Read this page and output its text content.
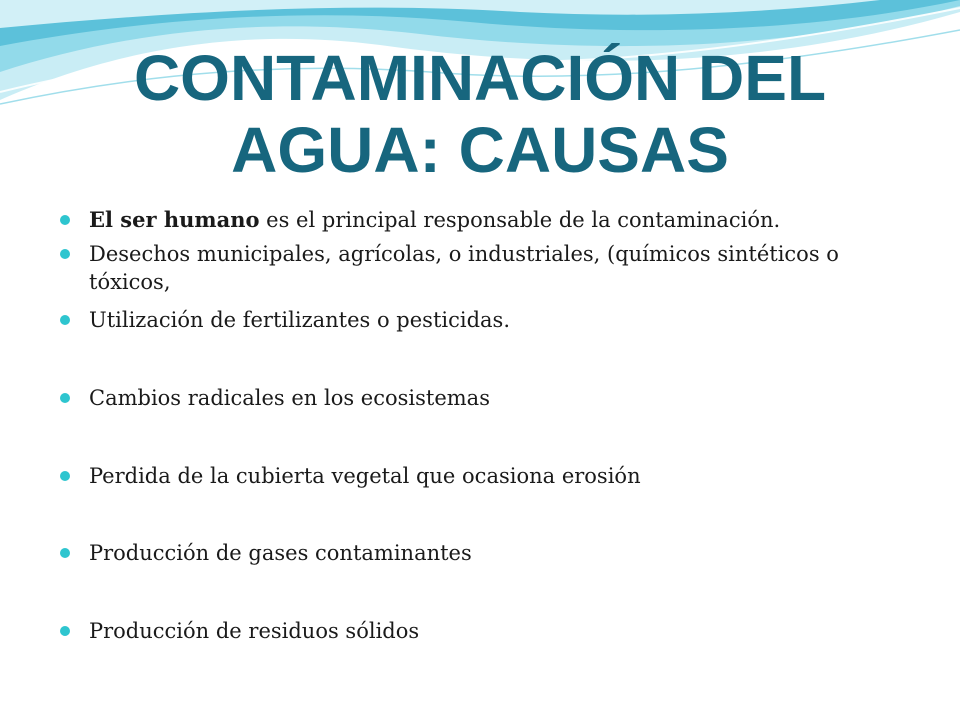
CONTAMINACIÓN DEL
AGUA: CAUSAS
El ser humano es el principal responsable de la contaminación.
Desechos municipales, agrícolas, o industriales, (químicos sintéticos o tóxicos,
Utilización de fertilizantes o pesticidas.
Cambios radicales en los ecosistemas
Perdida de la cubierta vegetal que ocasiona erosión
Producción de gases contaminantes
Producción de residuos sólidos
